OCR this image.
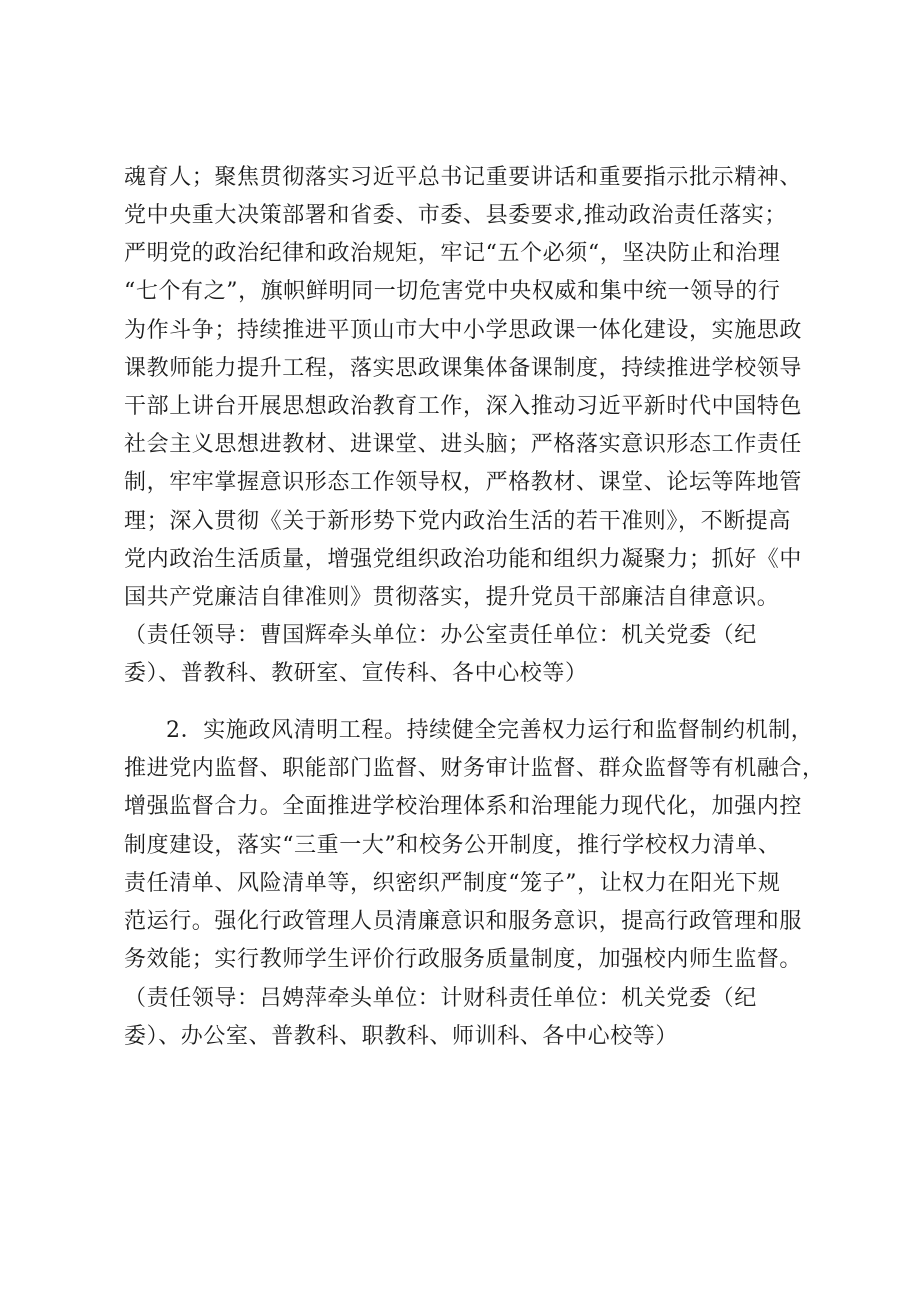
魂育人；聚焦贯彻落实习近平总书记重要讲话和重要指示批示精神、
党中央重大决策部署和省委、市委、县委要求,推动政治责任落实；
严明党的政治纪律和政治规矩，牢记“五个必须“，坚决防止和治理
“七个有之”，旗帜鲜明同一切危害党中央权威和集中统一领导的行
为作斗争；持续推进平顶山市大中小学思政课一体化建设，实施思政
课教师能力提升工程，落实思政课集体备课制度，持续推进学校领导
干部上讲台开展思想政治教育工作，深入推动习近平新时代中国特色
社会主义思想进教材、进课堂、进头脑；严格落实意识形态工作责任
制，牢牢掌握意识形态工作领导权，严格教材、课堂、论坛等阵地管
理；深入贯彻《关于新形势下党内政治生活的若干准则》，不断提高
党内政治生活质量，增强党组织政治功能和组织力凝聚力；抓好《中
国共产党廉洁自律准则》贯彻落实，提升党员干部廉洁自律意识。
（责任领导：曹国辉牵头单位：办公室责任单位：机关党委（纪
委）、普教科、教研室、宣传科、各中心校等）
2．实施政风清明工程。持续健全完善权力运行和监督制约机制，
推进党内监督、职能部门监督、财务审计监督、群众监督等有机融合，
增强监督合力。全面推进学校治理体系和治理能力现代化，加强内控
制度建设，落实“三重一大”和校务公开制度，推行学校权力清单、
责任清单、风险清单等，织密织严制度“笼子”，让权力在阳光下规
范运行。强化行政管理人员清廉意识和服务意识，提高行政管理和服
务效能；实行教师学生评价行政服务质量制度，加强校内师生监督。
（责任领导：吕娉萍牵头单位：计财科责任单位：机关党委（纪
委）、办公室、普教科、职教科、师训科、各中心校等）
